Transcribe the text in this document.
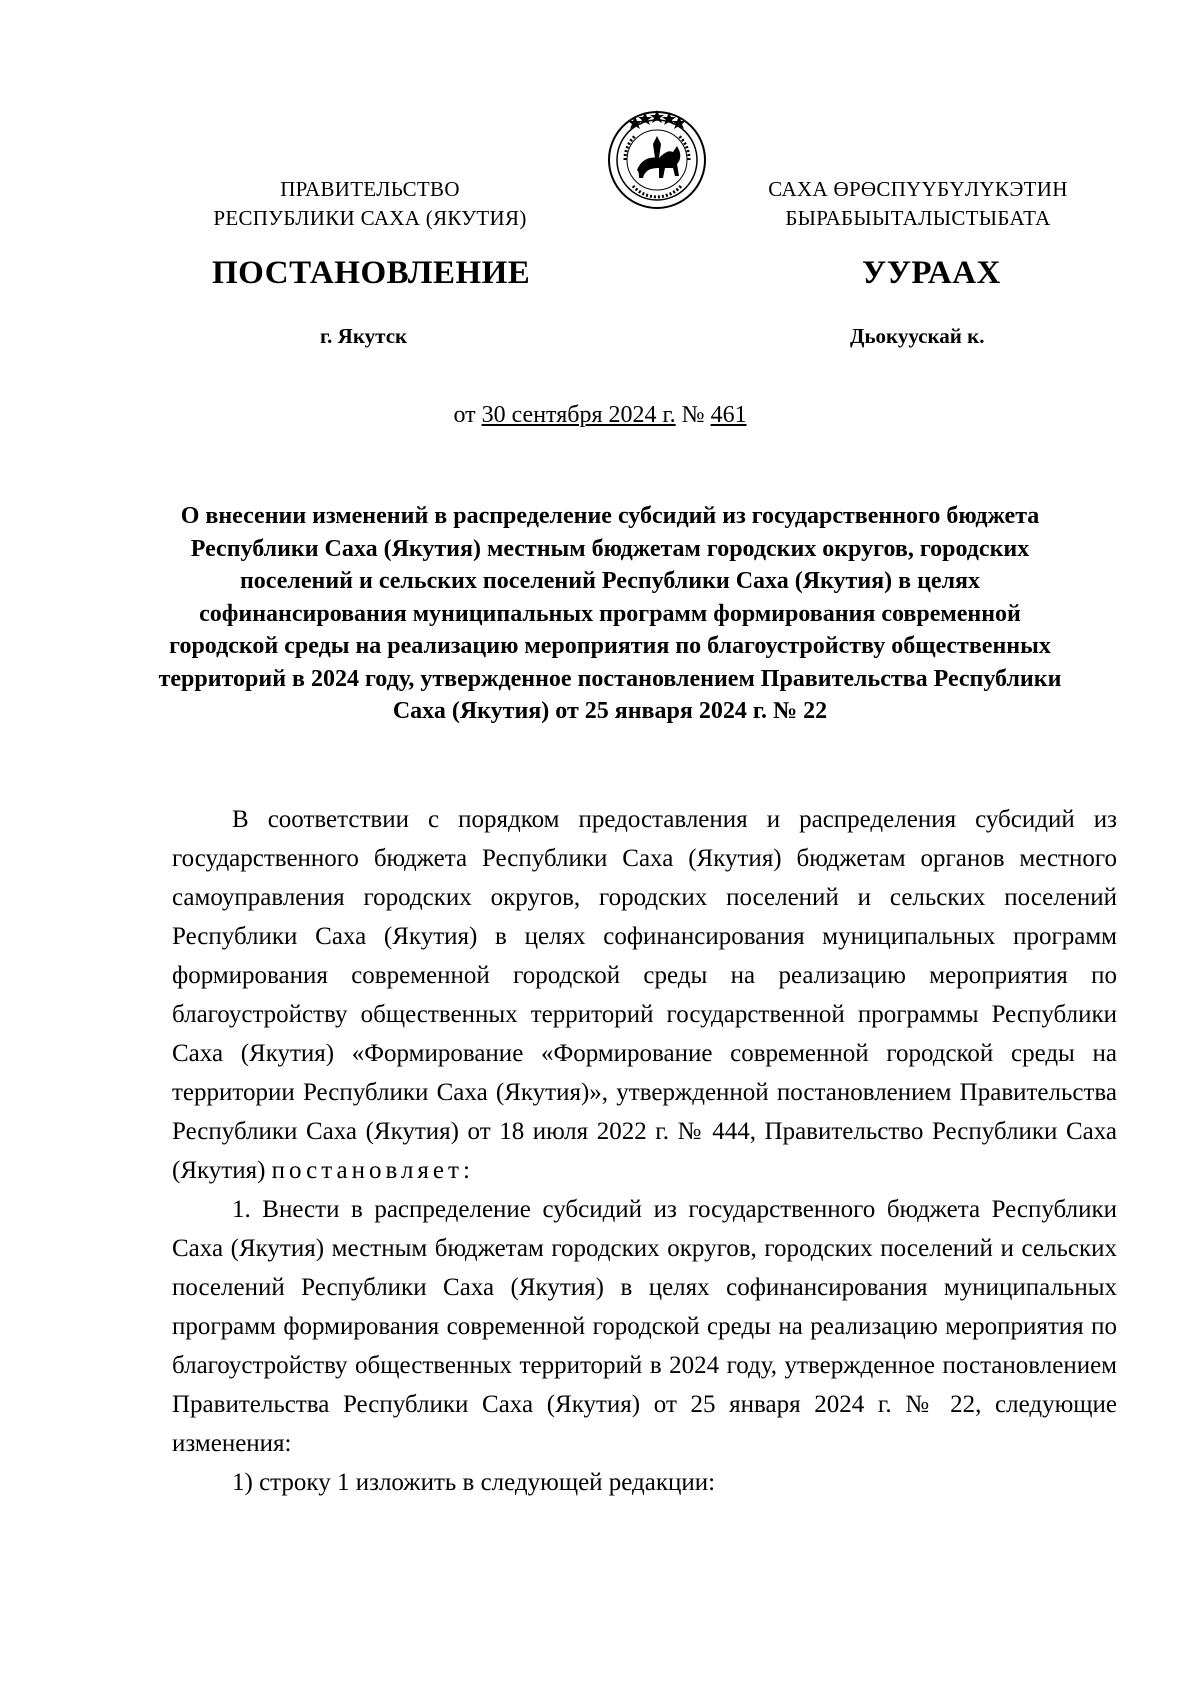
ПРАВИТЕЛЬСТВО
РЕСПУБЛИКИ САХА (ЯКУТИЯ)
САХА ӨРӨСПҮҮБҮЛҮКЭТИН
БЫРАБЫЫТАЛЫСТЫБАТА
ПОСТАНОВЛЕНИЕ	УУРААХ
г. Якутск	Дьокуускай к.
от 30 сентября 2024 г. № 461
О внесении изменений в распределение субсидий из государственного бюджета Республики Саха (Якутия) местным бюджетам городских округов, городских поселений и сельских поселений Республики Саха (Якутия) в целях софинансирования муниципальных программ формирования современной городской среды на реализацию мероприятия по благоустройству общественных территорий в 2024 году, утвержденное постановлением Правительства Республики Саха (Якутия) от 25 января 2024 г. № 22

В соответствии с порядком предоставления и распределения субсидий из государственного бюджета Республики Саха (Якутия) бюджетам органов местного самоуправления городских округов, городских поселений и сельских поселений Республики Саха (Якутия) в целях софинансирования муниципальных программ формирования современной городской среды на реализацию мероприятия по благоустройству общественных территорий государственной программы Республики Саха (Якутия) «Формирование «Формирование современной городской среды на территории Республики Саха (Якутия)», утвержденной постановлением Правительства Республики Саха (Якутия) от 18 июля 2022 г. № 444, Правительство Республики Саха (Якутия) постановляет:

1. Внести в распределение субсидий из государственного бюджета Республики Саха (Якутия) местным бюджетам городских округов, городских поселений и сельских поселений Республики Саха (Якутия) в целях софинансирования муниципальных программ формирования современной городской среды на реализацию мероприятия по благоустройству общественных территорий в 2024 году, утвержденное постановлением Правительства Республики Саха (Якутия) от 25 января 2024 г. № 22, следующие изменения:

1) строку 1 изложить в следующей редакции:
